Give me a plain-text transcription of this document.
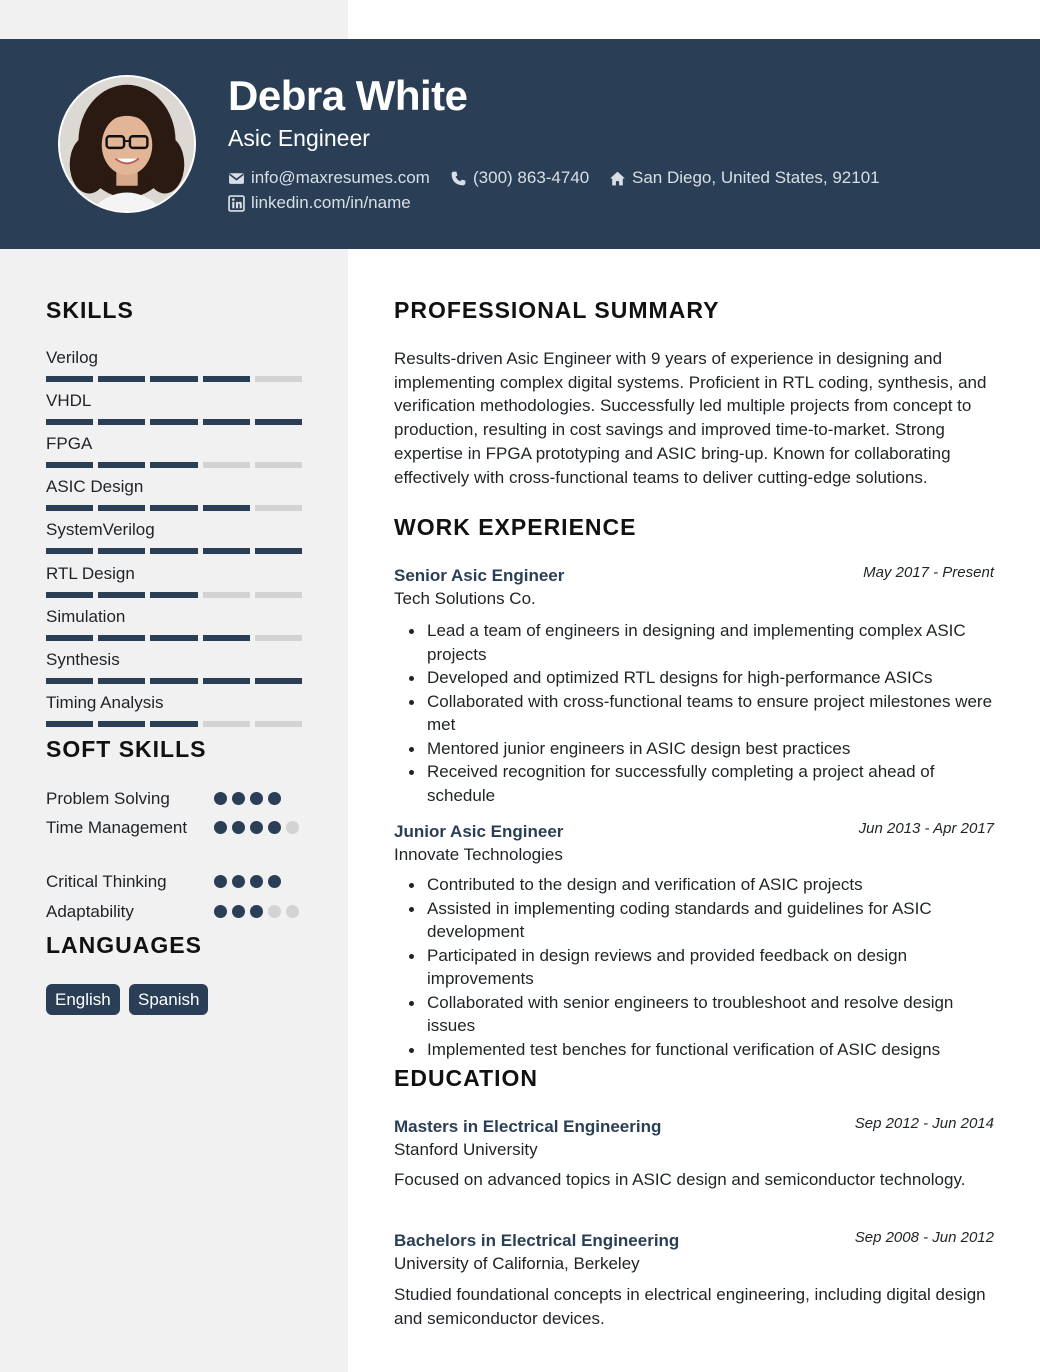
Debra White
Asic Engineer
info@maxresumes.com	(300) 863-4740	San Diego, United States, 92101
linkedin.com/in/name
SKILLS
Verilog
VHDL
FPGA
ASIC Design
SystemVerilog
RTL Design
Simulation
Synthesis
Timing Analysis
SOFT SKILLS
Problem Solving
Time Management
Critical Thinking
Adaptability
LANGUAGES
English	Spanish
PROFESSIONAL SUMMARY
Results-driven Asic Engineer with 9 years of experience in designing and implementing complex digital systems. Proficient in RTL coding, synthesis, and verification methodologies. Successfully led multiple projects from concept to production, resulting in cost savings and improved time-to-market. Strong expertise in FPGA prototyping and ASIC bring-up. Known for collaborating effectively with cross-functional teams to deliver cutting-edge solutions.
WORK EXPERIENCE
Senior Asic Engineer	May 2017 - Present
Tech Solutions Co.
Lead a team of engineers in designing and implementing complex ASIC projects
Developed and optimized RTL designs for high-performance ASICs
Collaborated with cross-functional teams to ensure project milestones were met
Mentored junior engineers in ASIC design best practices
Received recognition for successfully completing a project ahead of schedule
Junior Asic Engineer	Jun 2013 - Apr 2017
Innovate Technologies
Contributed to the design and verification of ASIC projects
Assisted in implementing coding standards and guidelines for ASIC development
Participated in design reviews and provided feedback on design improvements
Collaborated with senior engineers to troubleshoot and resolve design issues
Implemented test benches for functional verification of ASIC designs
EDUCATION
Masters in Electrical Engineering	Sep 2012 - Jun 2014
Stanford University
Focused on advanced topics in ASIC design and semiconductor technology.
Bachelors in Electrical Engineering	Sep 2008 - Jun 2012
University of California, Berkeley
Studied foundational concepts in electrical engineering, including digital design and semiconductor devices.
